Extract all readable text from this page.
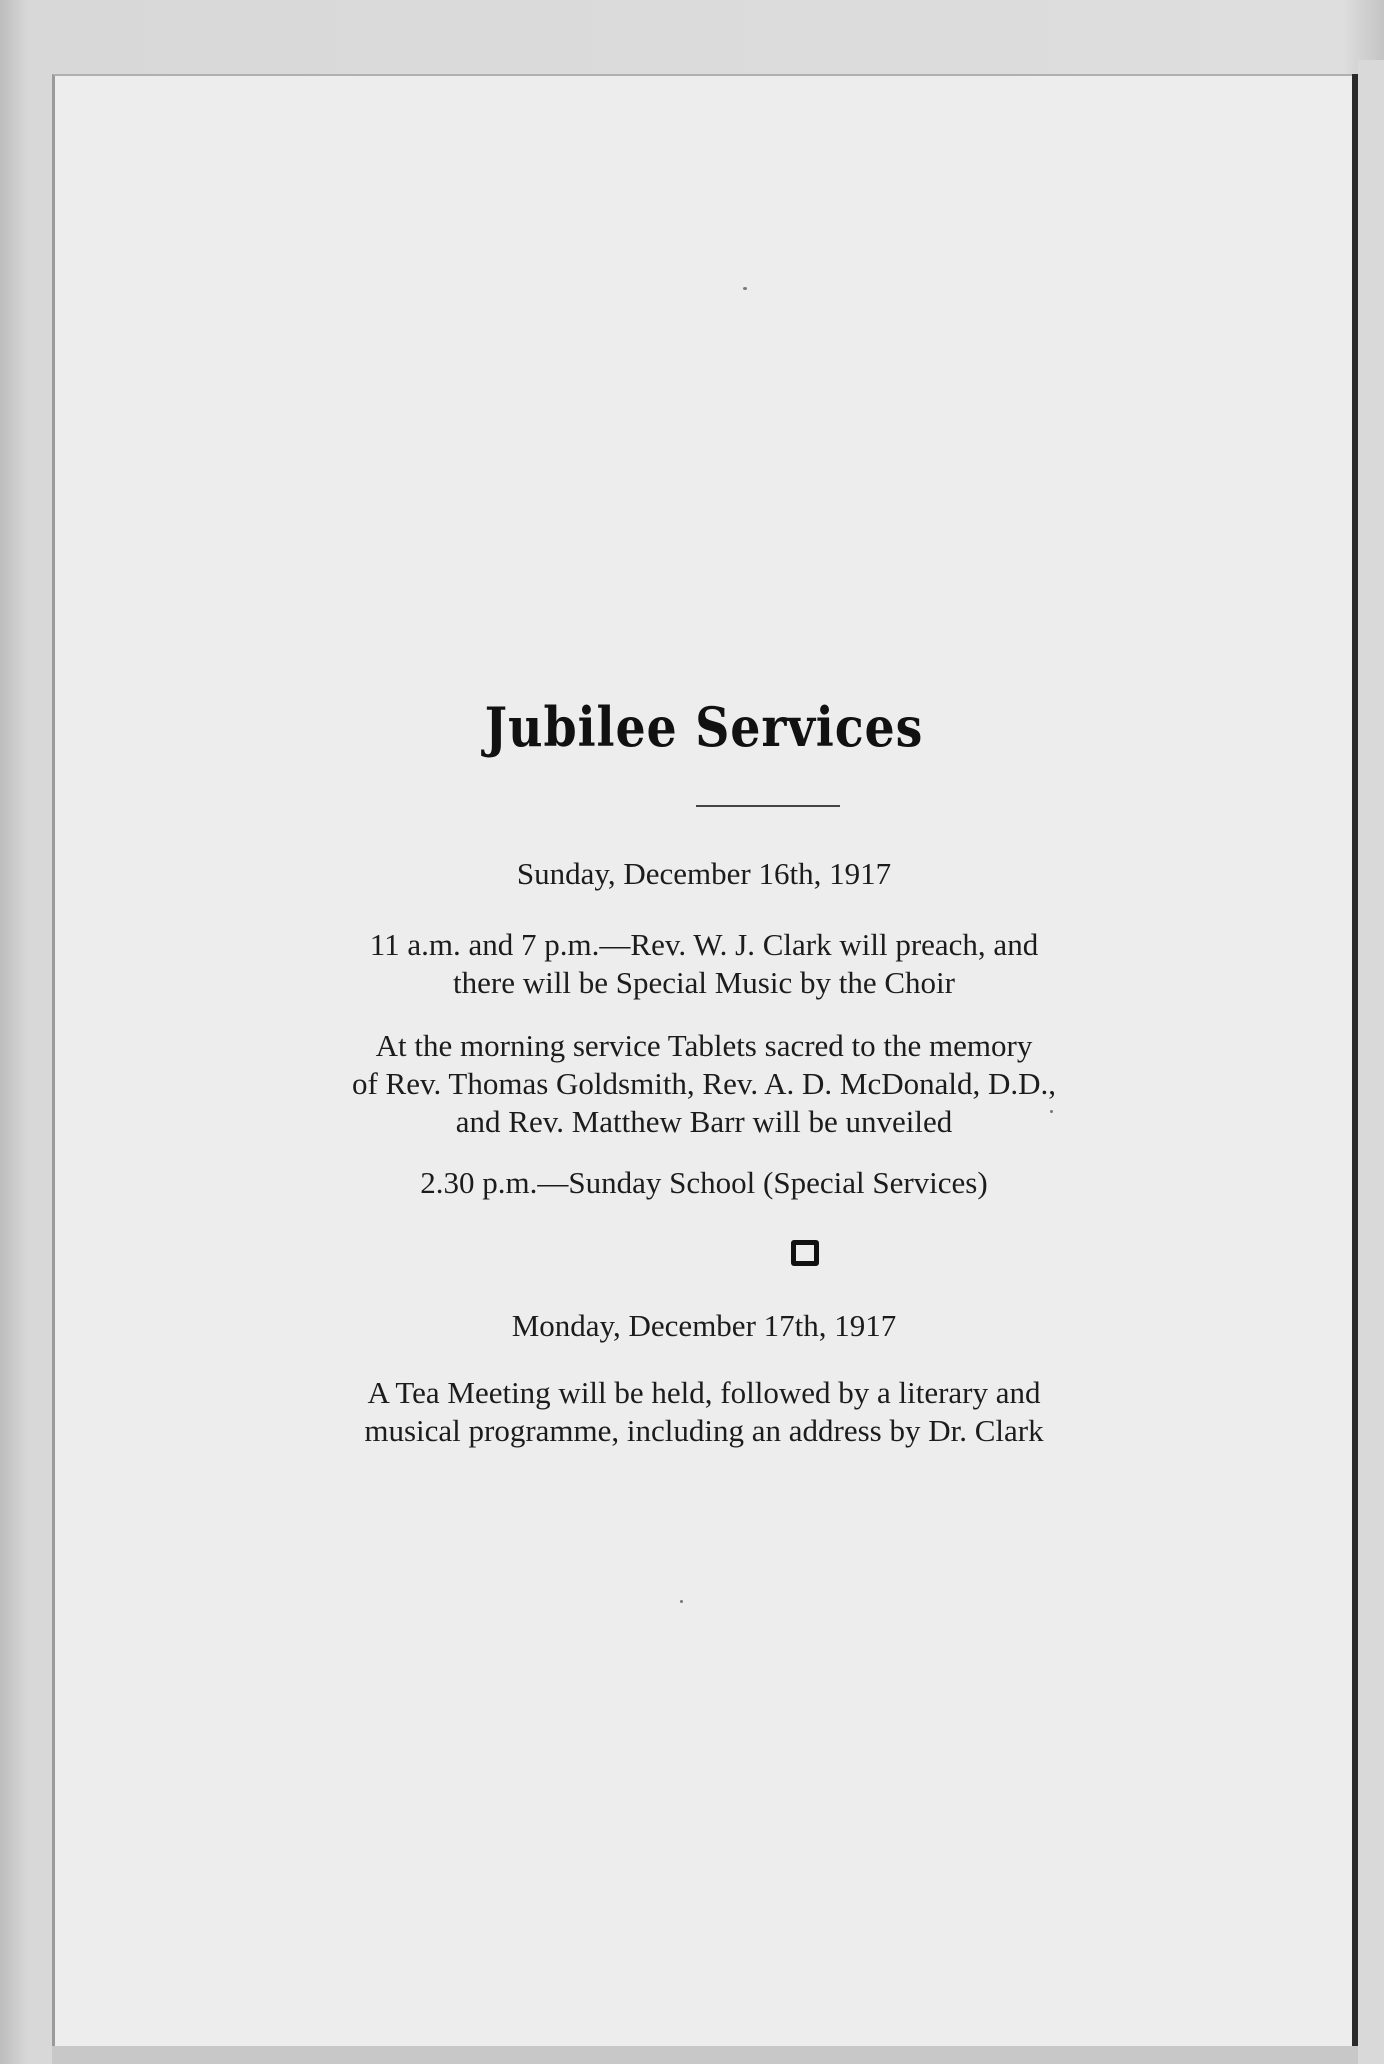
Jubilee Services
Sunday, December 16th, 1917
11 a.m. and 7 p.m.—Rev. W. J. Clark will preach, and
there will be Special Music by the Choir
At the morning service Tablets sacred to the memory
of Rev. Thomas Goldsmith, Rev. A. D. McDonald, D.D.,
and Rev. Matthew Barr will be unveiled
2.30 p.m.—Sunday School (Special Services)
Monday, December 17th, 1917
A Tea Meeting will be held, followed by a literary and
musical programme, including an address by Dr. Clark
